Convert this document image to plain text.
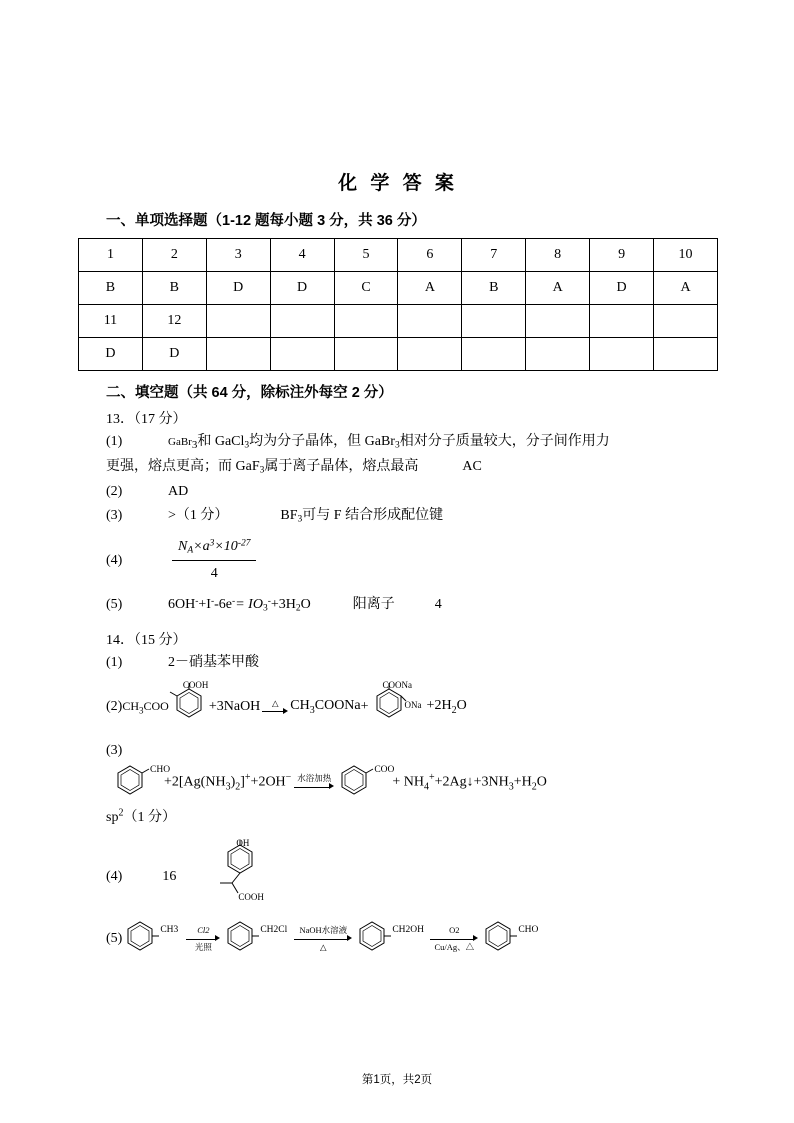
化 学 答 案
一、单项选择题（1-12 题每小题 3 分，共 36 分）
1	2	3	4	5	6	7	8	9	10
B	B	D	D	C	A	B	A	D	A
11	12								
D	D								
二、填空题（共 64 分，除标注外每空 2 分）
13．（17 分）
(1)	GaBr$_3$和 GaCl$_3$均为分子晶体，但 GaBr$_3$相对分子质量较大，分子间作用力
更强，熔点更高；而 GaF$_3$属于离子晶体，熔点最高	AC
(2)	AD
(3)	>（1 分）	$BF_3$可与 F 结合形成配位键
(4)	$\frac{N_A\times a^3\times 10^{-27}}{4}$
(5)	$6OH^-+I^--6e^-= IO_3^-+3H_2O$	阳离子	4
14．（15 分）
(1)	2－硝基苯甲酸
(2) $CH_3COO$
COOH
+3NaOH	△ $CH_3COONa$ +
COONa
ONa $+2H_2O$
(3)
CHO
$+2[Ag(NH_3)_2]^++2OH^-$ 水浴加热
COO
+ $NH_4^++2Ag↓+3NH_3+H_2O$
$sp^2(1$ 分）
(4)	16
OH
COOH
(5)
CH3	Cl2
光照
CH2Cl	NaOH水溶液
△
CH2OH	O2
Cu/Ag、△
CHO
第1页，共2页
